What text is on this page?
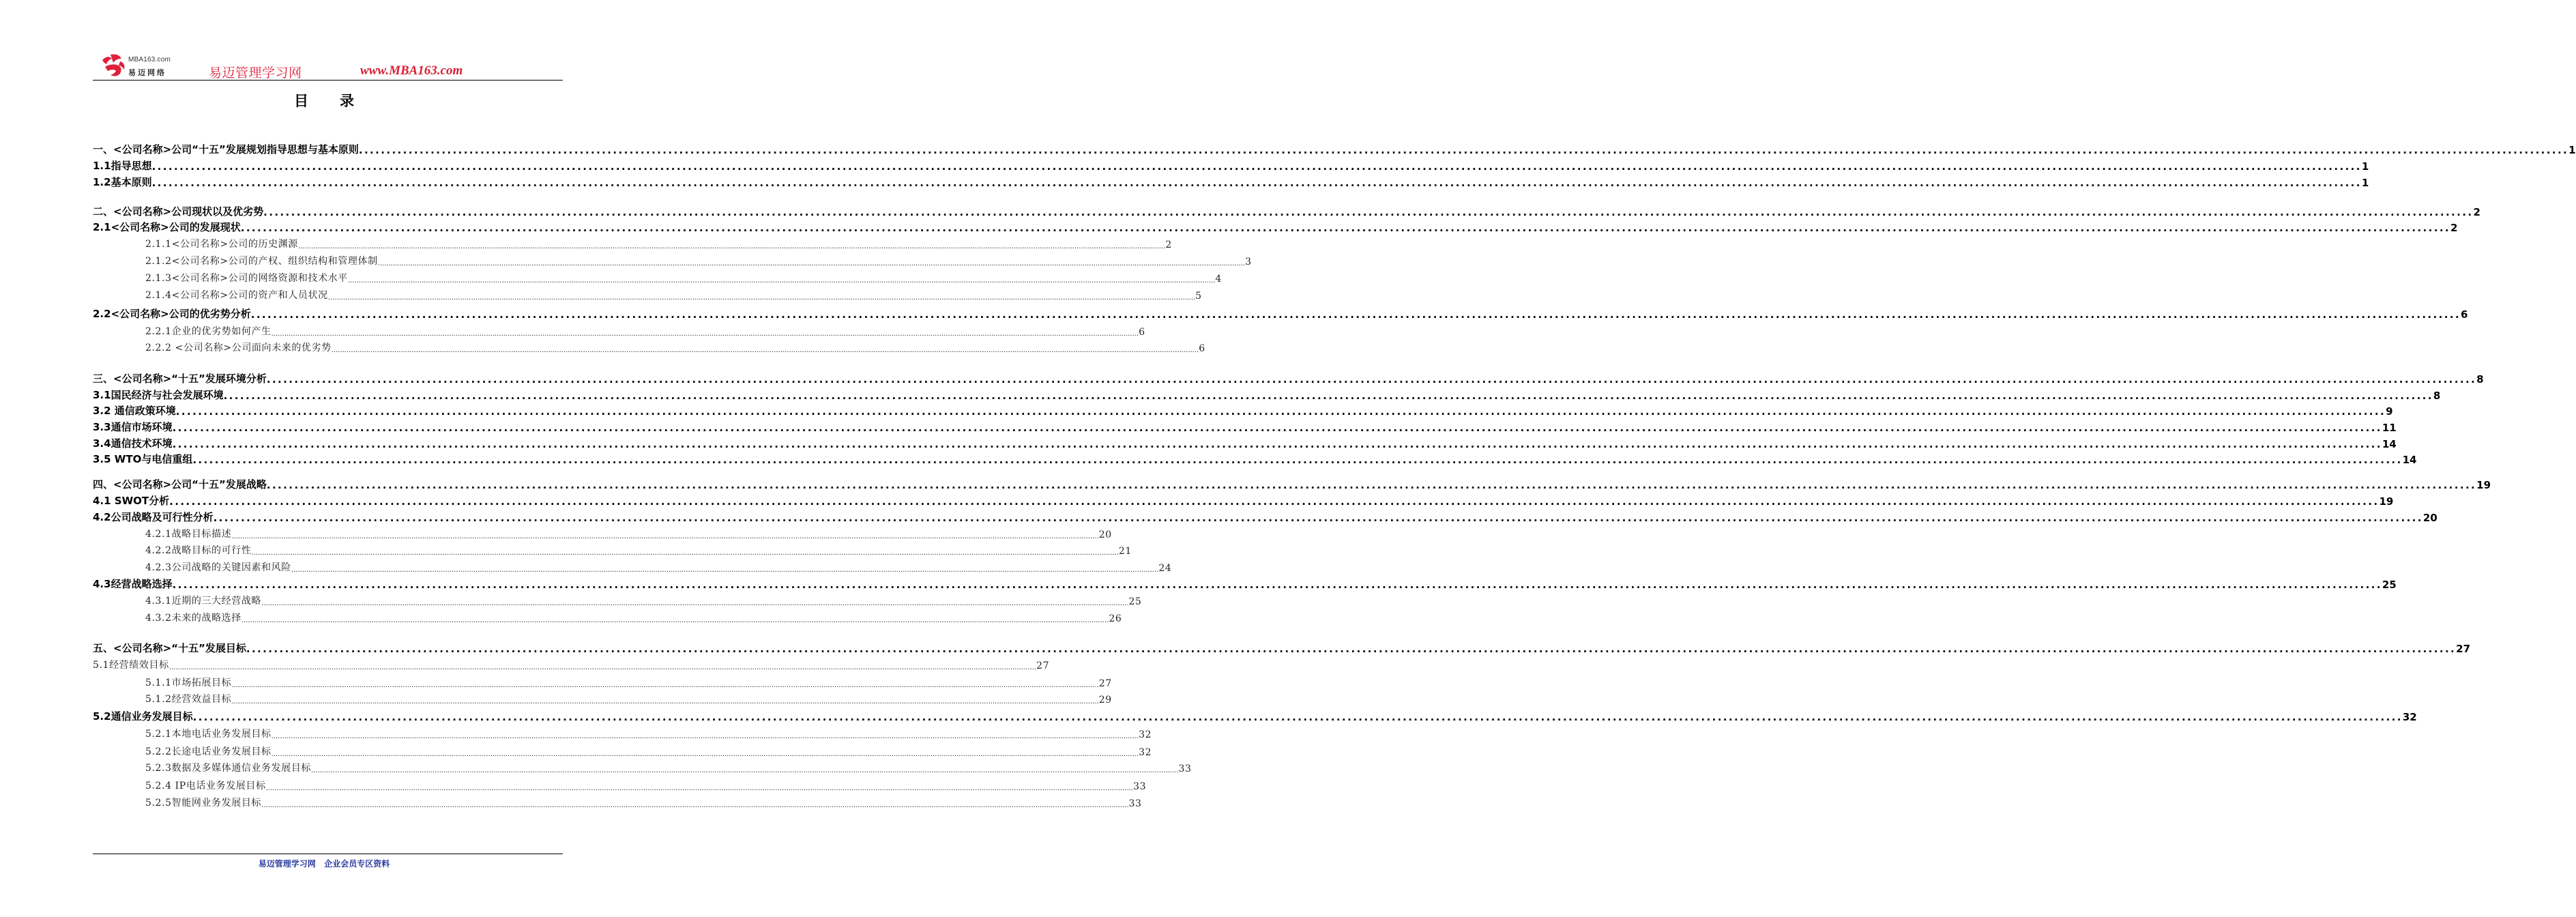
MBA163.com
易迈网络	易迈管理学习网	www.MBA163.com
目录
一、<公司名称>公司“十五”发展规划指导思想与基本原则 ................................................................................................................................................................................................................................................................................................................................................................................................................ 1
1.1指导思想 ................................................................................................................................................................................................................................................................................................................................................................................................................ 1
1.2基本原则 ................................................................................................................................................................................................................................................................................................................................................................................................................ 1
二、<公司名称>公司现状以及优劣势 ................................................................................................................................................................................................................................................................................................................................................................................................................ 2
2.1<公司名称>公司的发展现状 ................................................................................................................................................................................................................................................................................................................................................................................................................ 2
2.1.1<公司名称>公司的历史渊源 ................................................................................................................................................................................................................................................................................................................................................................................................................ 2
2.1.2<公司名称>公司的产权、组织结构和管理体制 ................................................................................................................................................................................................................................................................................................................................................................................................................ 3
2.1.3<公司名称>公司的网络资源和技术水平 ................................................................................................................................................................................................................................................................................................................................................................................................................ 4
2.1.4<公司名称>公司的资产和人员状况 ................................................................................................................................................................................................................................................................................................................................................................................................................ 5
2.2<公司名称>公司的优劣势分析 ................................................................................................................................................................................................................................................................................................................................................................................................................ 6
2.2.1企业的优劣势如何产生 ................................................................................................................................................................................................................................................................................................................................................................................................................ 6
2.2.2 <公司名称>公司面向未来的优劣势 ................................................................................................................................................................................................................................................................................................................................................................................................................ 6
三、<公司名称>“十五”发展环境分析 ................................................................................................................................................................................................................................................................................................................................................................................................................ 8
3.1国民经济与社会发展环境 ................................................................................................................................................................................................................................................................................................................................................................................................................ 8
3.2 通信政策环境 ................................................................................................................................................................................................................................................................................................................................................................................................................ 9
3.3通信市场环境 ................................................................................................................................................................................................................................................................................................................................................................................................................ 11
3.4通信技术环境 ................................................................................................................................................................................................................................................................................................................................................................................................................ 14
3.5 WTO与电信重组 ................................................................................................................................................................................................................................................................................................................................................................................................................ 14
四、<公司名称>公司“十五”发展战略 ................................................................................................................................................................................................................................................................................................................................................................................................................ 19
4.1 SWOT分析 ................................................................................................................................................................................................................................................................................................................................................................................................................ 19
4.2公司战略及可行性分析 ................................................................................................................................................................................................................................................................................................................................................................................................................ 20
4.2.1战略目标描述 ................................................................................................................................................................................................................................................................................................................................................................................................................ 20
4.2.2战略目标的可行性 ................................................................................................................................................................................................................................................................................................................................................................................................................ 21
4.2.3公司战略的关键因素和风险 ................................................................................................................................................................................................................................................................................................................................................................................................................ 24
4.3经营战略选择 ................................................................................................................................................................................................................................................................................................................................................................................................................ 25
4.3.1近期的三大经营战略 ................................................................................................................................................................................................................................................................................................................................................................................................................ 25
4.3.2未来的战略选择 ................................................................................................................................................................................................................................................................................................................................................................................................................ 26
五、<公司名称>“十五”发展目标 ................................................................................................................................................................................................................................................................................................................................................................................................................ 27
5.1经营绩效目标 ................................................................................................................................................................................................................................................................................................................................................................................................................ 27
5.1.1市场拓展目标 ................................................................................................................................................................................................................................................................................................................................................................................................................ 27
5.1.2经营效益目标 ................................................................................................................................................................................................................................................................................................................................................................................................................ 29
5.2通信业务发展目标 ................................................................................................................................................................................................................................................................................................................................................................................................................ 32
5.2.1本地电话业务发展目标 ................................................................................................................................................................................................................................................................................................................................................................................................................ 32
5.2.2长途电话业务发展目标 ................................................................................................................................................................................................................................................................................................................................................................................................................ 32
5.2.3数据及多媒体通信业务发展目标 ................................................................................................................................................................................................................................................................................................................................................................................................................ 33
5.2.4 IP电话业务发展目标 ................................................................................................................................................................................................................................................................................................................................................................................................................ 33
5.2.5智能网业务发展目标 ................................................................................................................................................................................................................................................................................................................................................................................................................ 33
易迈管理学习网 企业会员专区资料
